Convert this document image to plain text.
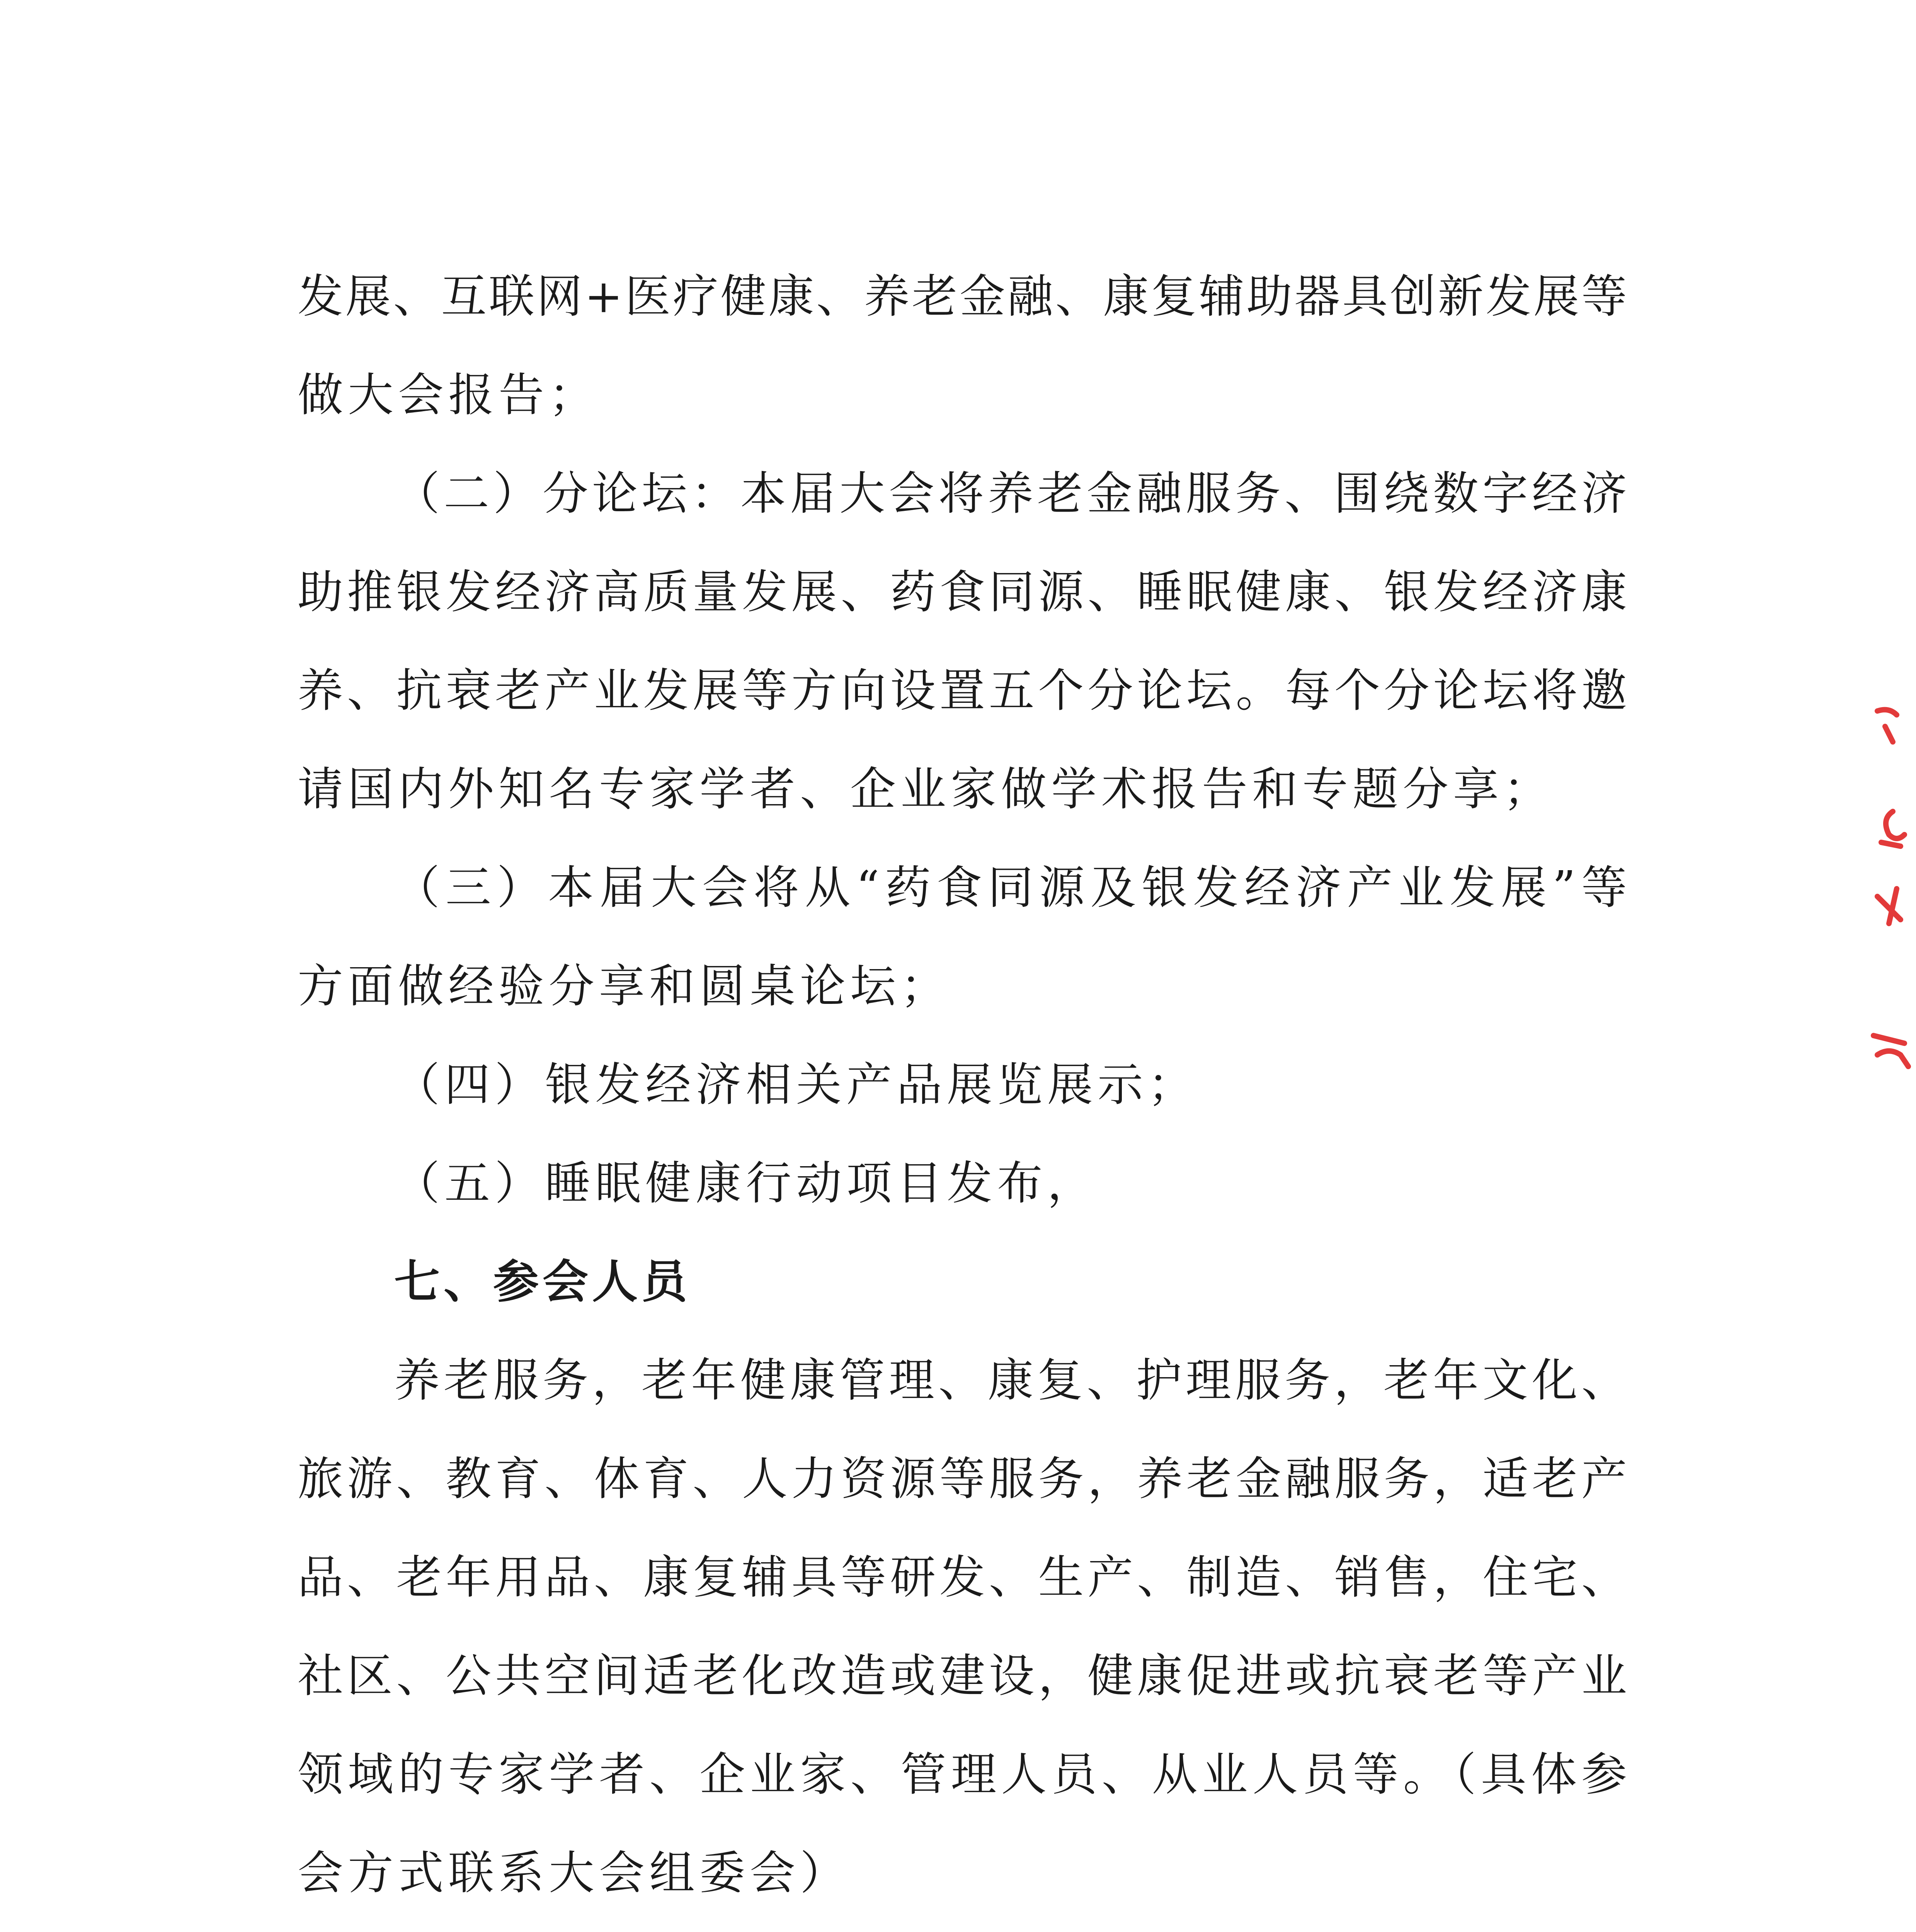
发展、互联网+医疗健康、养老金融、康复辅助器具创新发展等
做大会报告；
（二）分论坛：本届大会将养老金融服务、围绕数字经济
助推银发经济高质量发展、药食同源、睡眠健康、银发经济康
养、抗衰老产业发展等方向设置五个分论坛。每个分论坛将邀
请国内外知名专家学者、企业家做学术报告和专题分享；
（三）本届大会将从“药食同源及银发经济产业发展”等
方面做经验分享和圆桌论坛；
（四）银发经济相关产品展览展示；
（五）睡眠健康行动项目发布，
七、参会人员
养老服务，老年健康管理、康复、护理服务，老年文化、
旅游、教育、体育、人力资源等服务，养老金融服务，适老产
品、老年用品、康复辅具等研发、生产、制造、销售，住宅、
社区、公共空间适老化改造或建设，健康促进或抗衰老等产业
领域的专家学者、企业家、管理人员、从业人员等。（具体参
会方式联系大会组委会）
